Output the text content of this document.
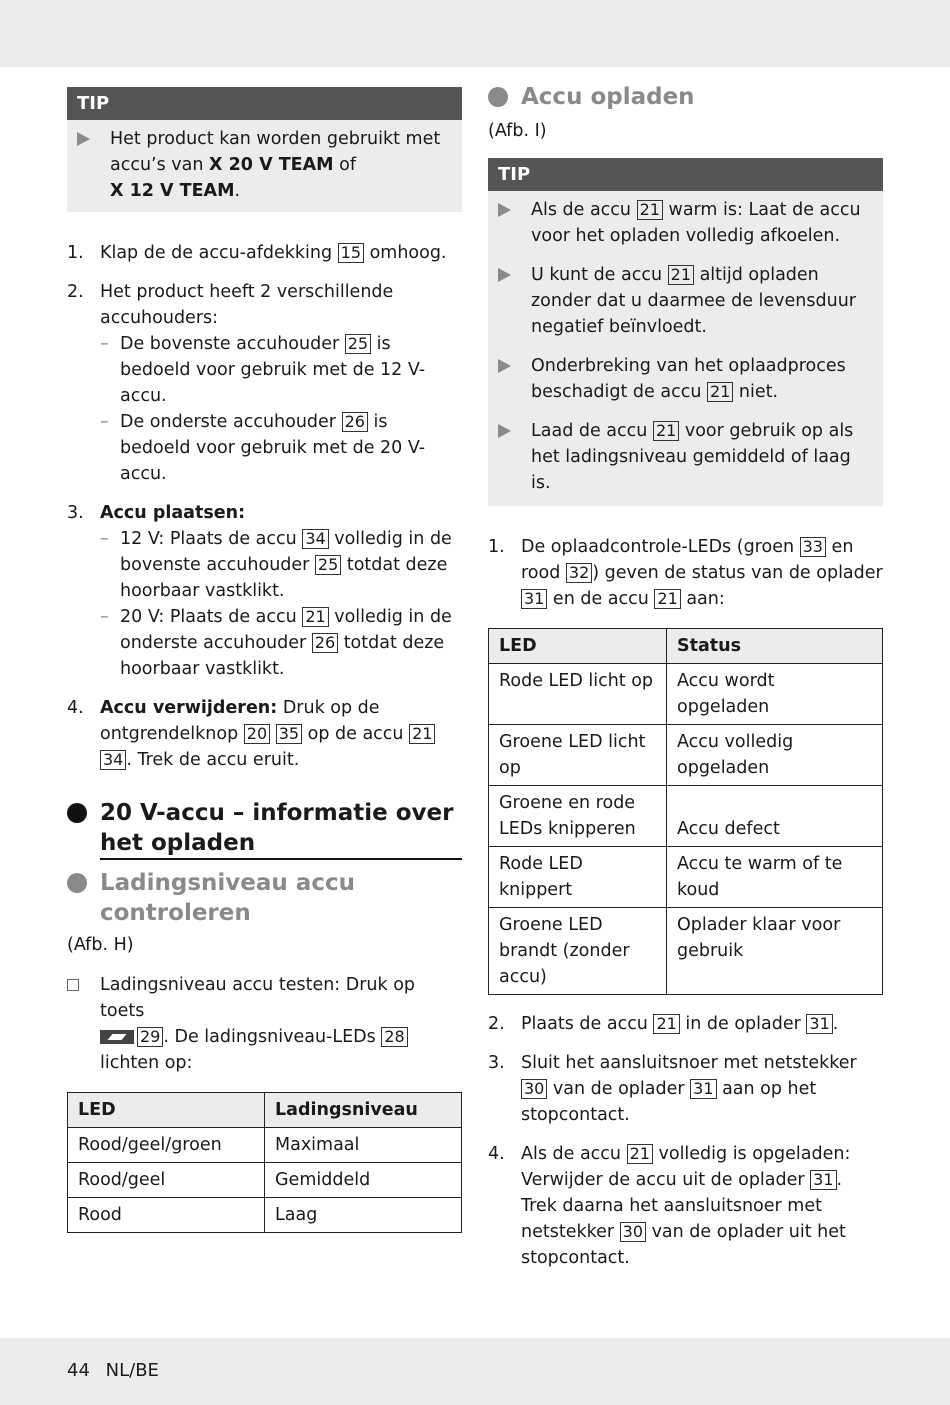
TIP
Het product kan worden gebruikt met accu’s van X 20 V TEAM of
X 12 V TEAM.
1. Klap de de accu-afdekking 15 omhoog.
2. Het product heeft 2 verschillende accuhouders:
– De bovenste accuhouder 25 is bedoeld voor gebruik met de 12 V-accu.
– De onderste accuhouder 26 is bedoeld voor gebruik met de 20 V-accu.
3. Accu plaatsen:
– 12 V: Plaats de accu 34 volledig in de bovenste accuhouder 25 totdat deze hoorbaar vastklikt.
– 20 V: Plaats de accu 21 volledig in de onderste accuhouder 26 totdat deze hoorbaar vastklikt.
4. Accu verwijderen: Druk op de ontgrendelknop 20 35 op de accu 21 34 . Trek de accu eruit.
20 V-accu – informatie over het opladen
Ladingsniveau accu controleren
(Afb. H)
Ladingsniveau accu testen: Druk op toets
29 . De ladingsniveau-LEDs 28 lichten op:
LED	Ladingsniveau
Rood/geel/groen	Maximaal
Rood/geel	Gemiddeld
Rood	Laag
Accu opladen
(Afb. I)
TIP
Als de accu 21 warm is: Laat de accu voor het opladen volledig afkoelen.
U kunt de accu 21 altijd opladen zonder dat u daarmee de levensduur negatief beïnvloedt.
Onderbreking van het oplaadproces beschadigt de accu 21 niet.
Laad de accu 21 voor gebruik op als het ladingsniveau gemiddeld of laag is.
1. De oplaadcontrole-LEDs (groen 33 en rood 32 ) geven de status van de oplader 31 en de accu 21 aan:
LED	Status
Rode LED licht op	Accu wordt opgeladen
Groene LED licht op	Accu volledig opgeladen
Groene en rode LEDs knipperen	Accu defect
Rode LED knippert	Accu te warm of te koud
Groene LED brandt (zonder accu)	Oplader klaar voor gebruik
2. Plaats de accu 21 in de oplader 31 .
3. Sluit het aansluitsnoer met netstekker 30 van de oplader 31 aan op het stopcontact.
4. Als de accu 21 volledig is opgeladen: Verwijder de accu uit de oplader 31 . Trek daarna het aansluitsnoer met netstekker 30 van de oplader uit het stopcontact.
44 NL/BE
